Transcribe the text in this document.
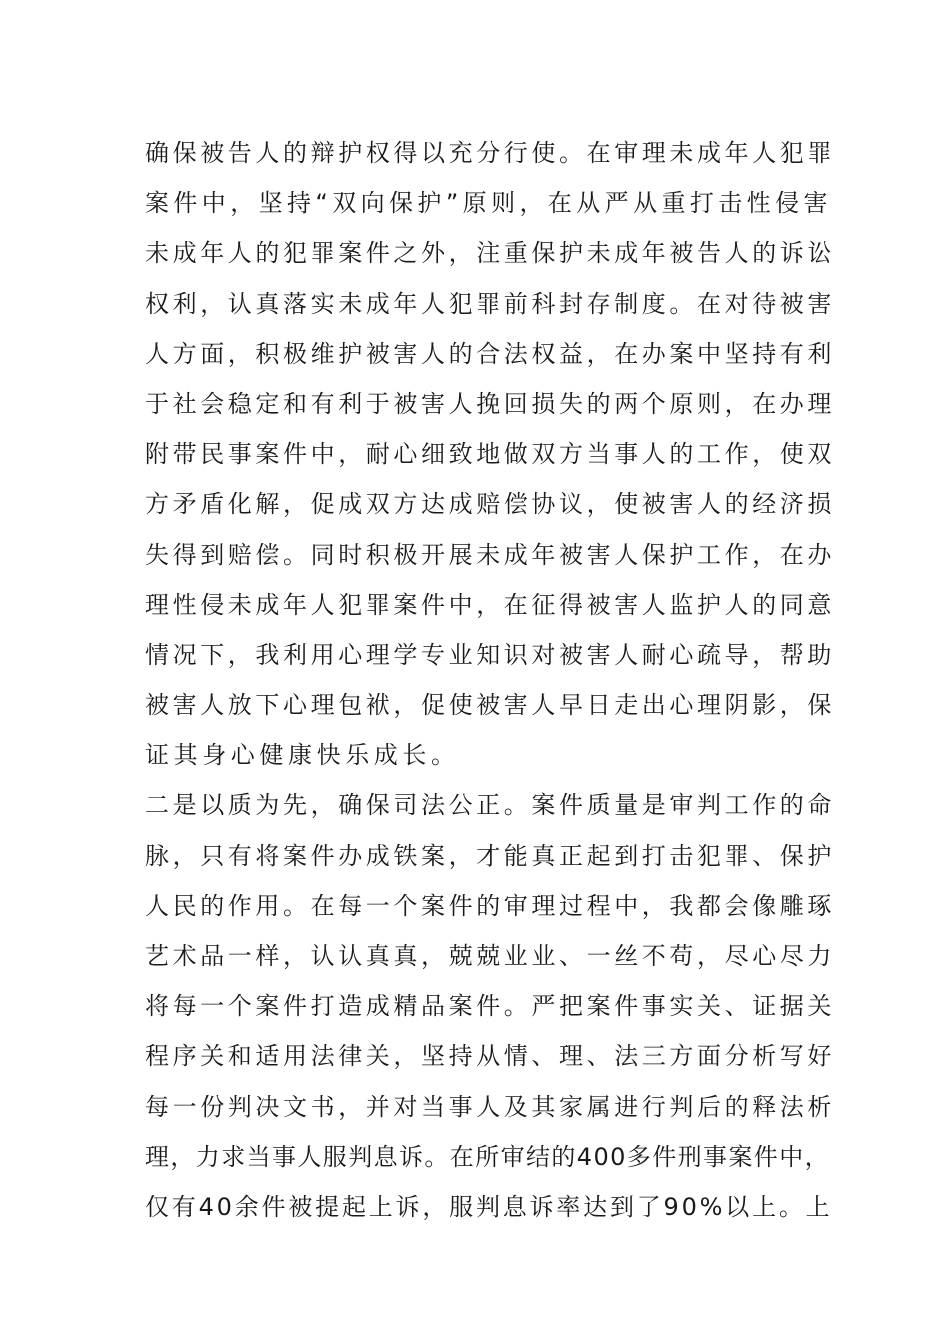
确保被告人的辩护权得以充分行使。在审理未成年人犯罪
案件中，坚持“双向保护”原则，在从严从重打击性侵害
未成年人的犯罪案件之外，注重保护未成年被告人的诉讼
权利，认真落实未成年人犯罪前科封存制度。在对待被害
人方面，积极维护被害人的合法权益，在办案中坚持有利
于社会稳定和有利于被害人挽回损失的两个原则，在办理
附带民事案件中，耐心细致地做双方当事人的工作，使双
方矛盾化解，促成双方达成赔偿协议，使被害人的经济损
失得到赔偿。同时积极开展未成年被害人保护工作，在办
理性侵未成年人犯罪案件中，在征得被害人监护人的同意
情况下，我利用心理学专业知识对被害人耐心疏导，帮助
被害人放下心理包袱，促使被害人早日走出心理阴影，保
证其身心健康快乐成长。
二是以质为先，确保司法公正。案件质量是审判工作的命
脉，只有将案件办成铁案，才能真正起到打击犯罪、保护
人民的作用。在每一个案件的审理过程中，我都会像雕琢
艺术品一样，认认真真，兢兢业业、一丝不苟，尽心尽力
将每一个案件打造成精品案件。严把案件事实关、证据关
程序关和适用法律关，坚持从情、理、法三方面分析写好
每一份判决文书，并对当事人及其家属进行判后的释法析
理，力求当事人服判息诉。在所审结的400多件刑事案件中，
仅有40余件被提起上诉，服判息诉率达到了90%以上。上
